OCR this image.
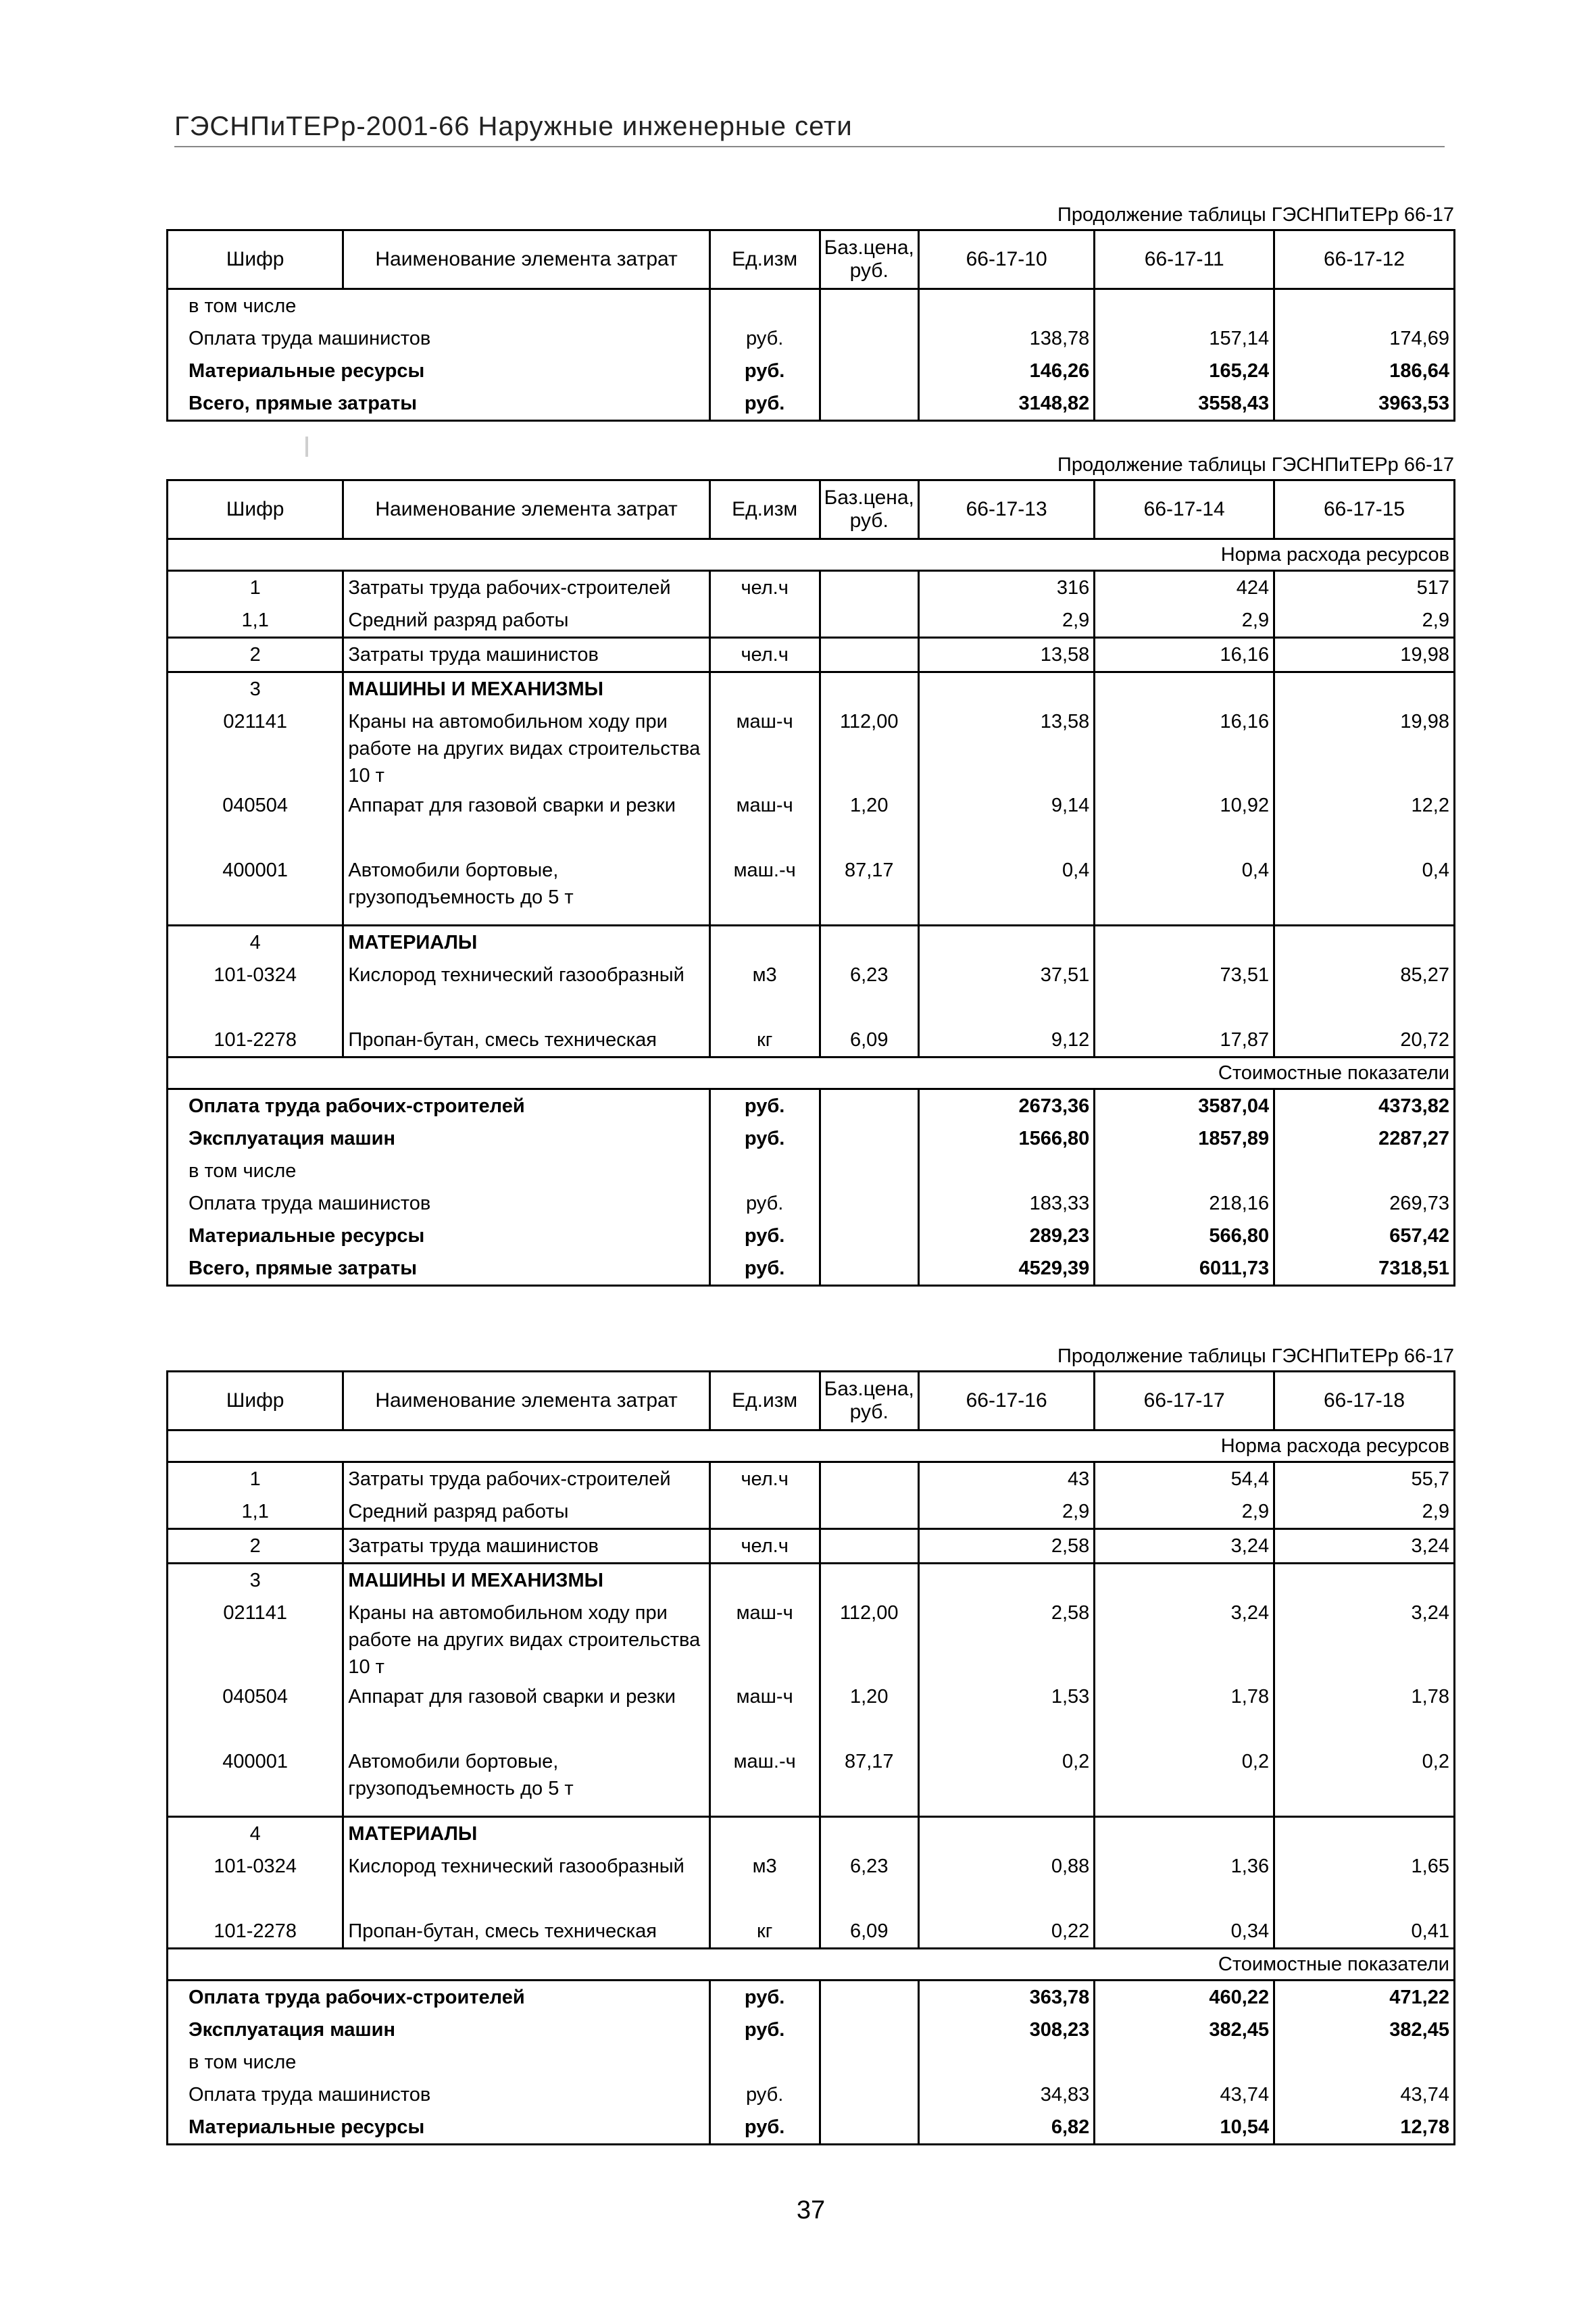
ГЭСНПиТЕРр-2001-66 Наружные инженерные сети
Продолжение таблицы ГЭСНПиТЕРр 66-17
Шифр	Наименование элемента затрат	Ед.изм	Баз.цена, руб.	66-17-10	66-17-11	66-17-12
в том числе						
Оплата труда машинистов		руб.		138,78	157,14	174,69
Материальные ресурсы		руб.		146,26	165,24	186,64
Всего, прямые затраты		руб.		3148,82	3558,43	3963,53
Продолжение таблицы ГЭСНПиТЕРр 66-17
Шифр	Наименование элемента затрат	Ед.изм	Баз.цена, руб.	66-17-13	66-17-14	66-17-15
Норма расхода ресурсов						
1	Затраты труда рабочих-строителей	чел.ч		316	424	517
1,1	Средний разряд работы			2,9	2,9	2,9
2	Затраты труда машинистов	чел.ч		13,58	16,16	19,98
3	МАШИНЫ И МЕХАНИЗМЫ					
021141	Краны на автомобильном ходу при работе на других видах строительства 10 т	маш-ч	112,00	13,58	16,16	19,98
040504	Аппарат для газовой сварки и резки	маш-ч	1,20	9,14	10,92	12,2
400001	Автомобили бортовые, грузоподъемность до 5 т	маш.-ч	87,17	0,4	0,4	0,4
4	МАТЕРИАЛЫ					
101-0324	Кислород технический газообразный	м3	6,23	37,51	73,51	85,27
101-2278	Пропан-бутан, смесь техническая	кг	6,09	9,12	17,87	20,72
Стоимостные показатели						
Оплата труда рабочих-строителей		руб.		2673,36	3587,04	4373,82
Эксплуатация машин		руб.		1566,80	1857,89	2287,27
в том числе						
Оплата труда машинистов		руб.		183,33	218,16	269,73
Материальные ресурсы		руб.		289,23	566,80	657,42
Всего, прямые затраты		руб.		4529,39	6011,73	7318,51
Продолжение таблицы ГЭСНПиТЕРр 66-17
Шифр	Наименование элемента затрат	Ед.изм	Баз.цена, руб.	66-17-16	66-17-17	66-17-18
Норма расхода ресурсов						
1	Затраты труда рабочих-строителей	чел.ч		43	54,4	55,7
1,1	Средний разряд работы			2,9	2,9	2,9
2	Затраты труда машинистов	чел.ч		2,58	3,24	3,24
3	МАШИНЫ И МЕХАНИЗМЫ					
021141	Краны на автомобильном ходу при работе на других видах строительства 10 т	маш-ч	112,00	2,58	3,24	3,24
040504	Аппарат для газовой сварки и резки	маш-ч	1,20	1,53	1,78	1,78
400001	Автомобили бортовые, грузоподъемность до 5 т	маш.-ч	87,17	0,2	0,2	0,2
4	МАТЕРИАЛЫ					
101-0324	Кислород технический газообразный	м3	6,23	0,88	1,36	1,65
101-2278	Пропан-бутан, смесь техническая	кг	6,09	0,22	0,34	0,41
Стоимостные показатели						
Оплата труда рабочих-строителей		руб.		363,78	460,22	471,22
Эксплуатация машин		руб.		308,23	382,45	382,45
в том числе						
Оплата труда машинистов		руб.		34,83	43,74	43,74
Материальные ресурсы		руб.		6,82	10,54	12,78
37
